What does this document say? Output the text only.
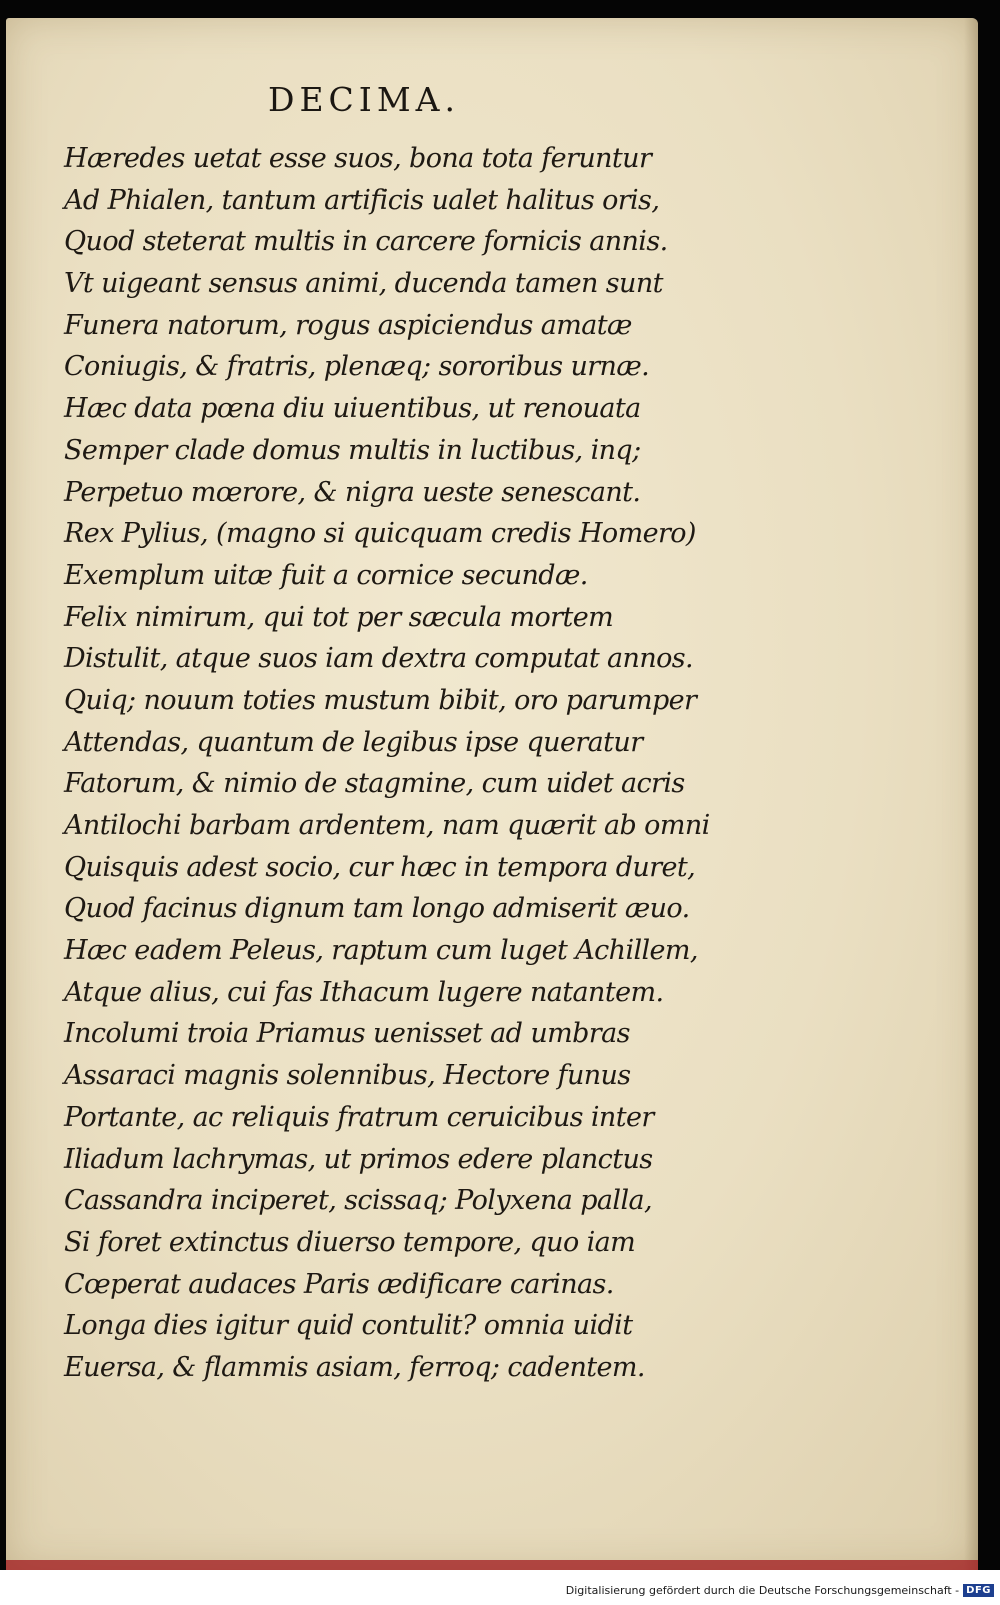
DECIMA.
Hæredes uetat esse suos, bona tota feruntur
Ad Phialen, tantum artificis ualet halitus oris,
Quod steterat multis in carcere fornicis annis.
Vt uigeant sensus animi, ducenda tamen sunt
Funera natorum, rogus aspiciendus amatæ
Coniugis, & fratris, plenæq; sororibus urnæ.
Hæc data pœna diu uiuentibus, ut renouata
Semper clade domus multis in luctibus, inq;
Perpetuo mœrore, & nigra ueste senescant.
Rex Pylius, (magno si quicquam credis Homero)
Exemplum uitæ fuit a cornice secundæ.
Felix nimirum, qui tot per sæcula mortem
Distulit, atque suos iam dextra computat annos.
Quiq; nouum toties mustum bibit, oro parumper
Attendas, quantum de legibus ipse queratur
Fatorum, & nimio de stagmine, cum uidet acris
Antilochi barbam ardentem, nam quærit ab omni
Quisquis adest socio, cur hæc in tempora duret,
Quod facinus dignum tam longo admiserit æuo.
Hæc eadem Peleus, raptum cum luget Achillem,
Atque alius, cui fas Ithacum lugere natantem.
Incolumi troia Priamus uenisset ad umbras
Assaraci magnis solennibus, Hectore funus
Portante, ac reliquis fratrum ceruicibus inter
Iliadum lachrymas, ut primos edere planctus
Cassandra inciperet, scissaq; Polyxena palla,
Si foret extinctus diuerso tempore, quo iam
Cœperat audaces Paris ædificare carinas.
Longa dies igitur quid contulit? omnia uidit
Euersa, & flammis asiam, ferroq; cadentem.
Digitalisierung gefördert durch die Deutsche Forschungsgemeinschaft - DFG
